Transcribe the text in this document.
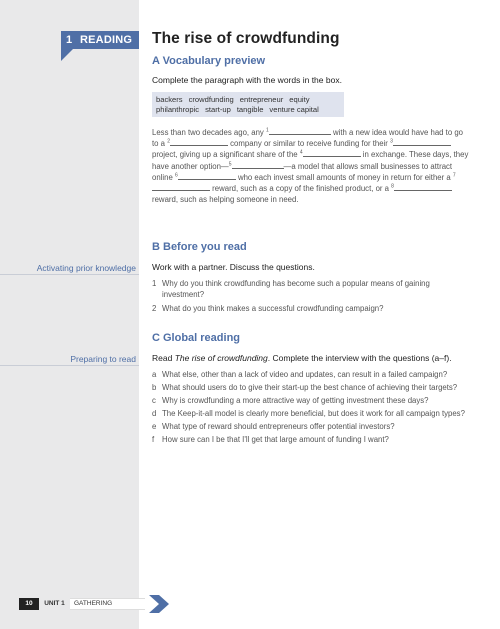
1 READING
Activating prior knowledge
Preparing to read
The rise of crowdfunding
A Vocabulary preview
Complete the paragraph with the words in the box.
backers crowdfunding entrepreneur equity
philanthropic start-up tangible venture capital
Less than two decades ago, any $^1$	with a new idea would have had to go to a $^2$	company or similar to receive funding for their $^3$ project, giving up a significant share of the $^4$	in exchange. These days, they have another option—$^5$	—a model that allows small businesses to attract online $^6$	who each invest small amounts of money in return for either a $^7$ reward, such as a copy of the finished product, or a $^8$ reward, such as helping someone in need.
B Before you read
Work with a partner. Discuss the questions.
1 Why do you think crowdfunding has become such a popular means of gaining investment?
2 What do you think makes a successful crowdfunding campaign?
C Global reading
Read The rise of crowdfunding. Complete the interview with the questions (a–f).
a What else, other than a lack of video and updates, can result in a failed campaign?
b What should users do to give their start-up the best chance of achieving their targets?
c Why is crowdfunding a more attractive way of getting investment these days?
d The Keep-it-all model is clearly more beneficial, but does it work for all campaign types?
e What type of reward should entrepreneurs offer potential investors?
f How sure can I be that I'll get that large amount of funding I want?
10	UNIT 1	GATHERING
